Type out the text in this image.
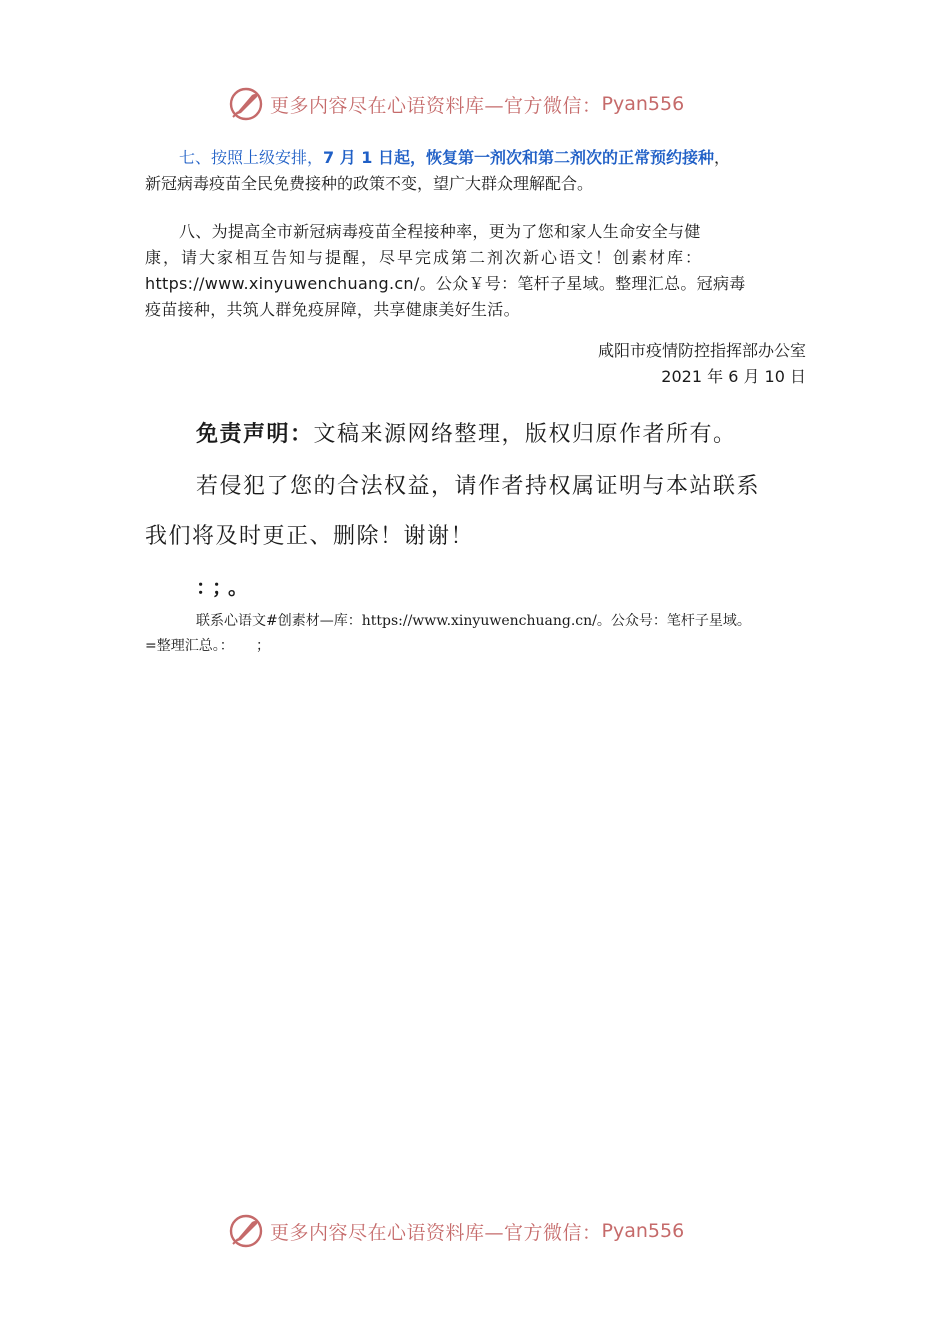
更多内容尽在心语资料库—官方微信： Pyan556
七、按照上级安排，7 月 1 日起，恢复第一剂次和第二剂次的正常预约接种，
新冠病毒疫苗全民免费接种的政策不变，望广大群众理解配合。
八、为提高全市新冠病毒疫苗全程接种率，更为了您和家人生命安全与健
康，请大家相互告知与提醒，尽早完成第二剂次新心语文！创素材库：
https://www.xinyuwenchuang.cn/。公众￥号：笔杆子星域。整理汇总。冠病毒
疫苗接种，共筑人群免疫屏障，共享健康美好生活。
咸阳市疫情防控指挥部办公室
2021 年 6 月 10 日
免责声明：文稿来源网络整理，版权归原作者所有。
若侵犯了您的合法权益，请作者持权属证明与本站联系
我们将及时更正、删除！谢谢！
：；。
联系心语文#创素材—库：https://www.xinyuwenchuang.cn/。公众号：笔杆子星域。
=整理汇总。：     ；
更多内容尽在心语资料库—官方微信： Pyan556
